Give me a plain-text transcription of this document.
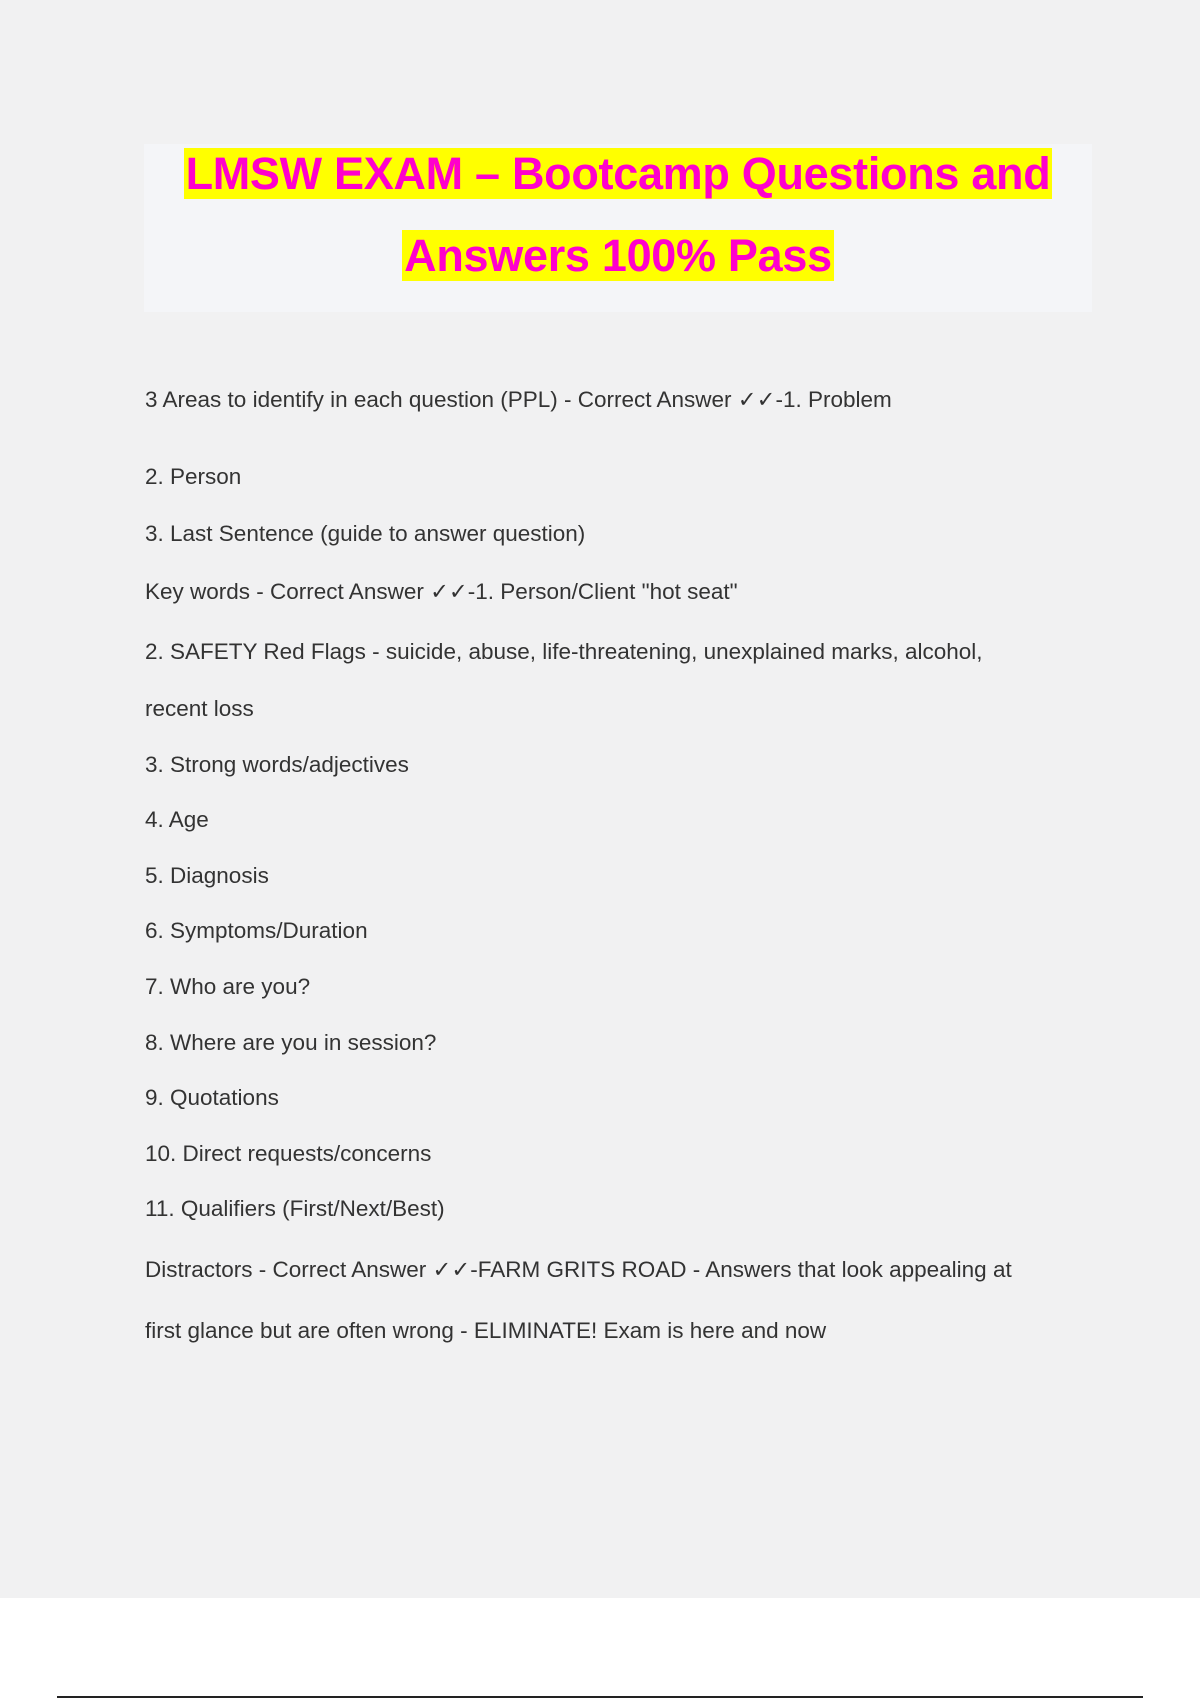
LMSW EXAM – Bootcamp Questions and
Answers 100% Pass

3 Areas to identify in each question (PPL) - Correct Answer ✓✓-1. Problem

2. Person

3. Last Sentence (guide to answer question)

Key words - Correct Answer ✓✓-1. Person/Client "hot seat"

2. SAFETY Red Flags - suicide, abuse, life-threatening, unexplained marks, alcohol,

recent loss

3. Strong words/adjectives

4. Age

5. Diagnosis

6. Symptoms/Duration

7. Who are you?

8. Where are you in session?

9. Quotations

10. Direct requests/concerns

11. Qualifiers (First/Next/Best)

Distractors - Correct Answer ✓✓-FARM GRITS ROAD - Answers that look appealing at

first glance but are often wrong - ELIMINATE! Exam is here and now
